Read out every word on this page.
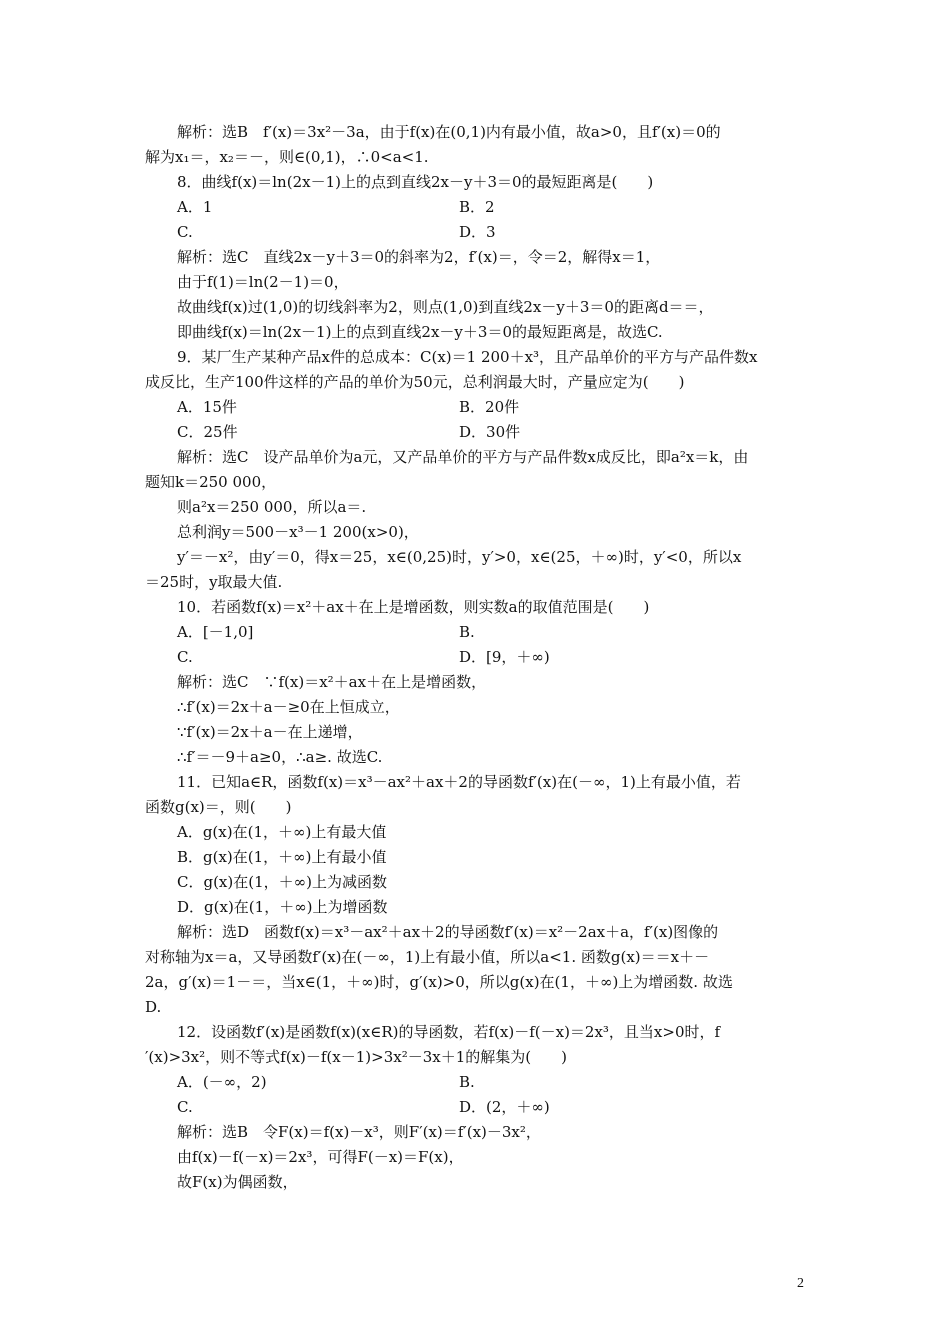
解析：选B　f′(x)＝3x²－3a，由于f(x)在(0,1)内有最小值，故a>0，且f′(x)＝0的
解为x₁＝，x₂＝－，则∈(0,1)，∴0<a<1.
8．曲线f(x)＝ln(2x－1)上的点到直线2x－y＋3＝0的最短距离是(　　)
A．1	B．2
C.	D．3
解析：选C　直线2x－y＋3＝0的斜率为2，f′(x)＝，令＝2，解得x＝1，
由于f(1)＝ln(2－1)＝0，
故曲线f(x)过(1,0)的切线斜率为2，则点(1,0)到直线2x－y＋3＝0的距离d＝＝，
即曲线f(x)＝ln(2x－1)上的点到直线2x－y＋3＝0的最短距离是，故选C.
9．某厂生产某种产品x件的总成本：C(x)＝1 200＋x³，且产品单价的平方与产品件数x
成反比，生产100件这样的产品的单价为50元，总利润最大时，产量应定为(　　)
A．15件	B．20件
C．25件	D．30件
解析：选C　设产品单价为a元，又产品单价的平方与产品件数x成反比，即a²x＝k，由
题知k＝250 000，
则a²x＝250 000，所以a＝.
总利润y＝500－x³－1 200(x>0)，
y′＝－x²，由y′＝0，得x＝25，x∈(0,25)时，y′>0，x∈(25，＋∞)时，y′<0，所以x
＝25时，y取最大值.
10．若函数f(x)＝x²＋ax＋在上是增函数，则实数a的取值范围是(　　)
A．[－1,0]	B.
C.	D．[9，＋∞)
解析：选C　∵f(x)＝x²＋ax＋在上是增函数，
∴f′(x)＝2x＋a－≥0在上恒成立，
∵f′(x)＝2x＋a－在上递增，
∴f′＝－9＋a≥0，∴a≥. 故选C.
11．已知a∈R，函数f(x)＝x³－ax²＋ax＋2的导函数f′(x)在(－∞，1)上有最小值，若
函数g(x)＝，则(　　)
A．g(x)在(1，＋∞)上有最大值
B．g(x)在(1，＋∞)上有最小值
C．g(x)在(1，＋∞)上为减函数
D．g(x)在(1，＋∞)上为增函数
解析：选D　函数f(x)＝x³－ax²＋ax＋2的导函数f′(x)＝x²－2ax＋a，f′(x)图像的
对称轴为x＝a，又导函数f′(x)在(－∞，1)上有最小值，所以a<1. 函数g(x)＝＝x＋－
2a，g′(x)＝1－＝，当x∈(1，＋∞)时，g′(x)>0，所以g(x)在(1，＋∞)上为增函数. 故选
D.
12．设函数f′(x)是函数f(x)(x∈R)的导函数，若f(x)－f(－x)＝2x³，且当x>0时，f
′(x)>3x²，则不等式f(x)－f(x－1)>3x²－3x＋1的解集为(　　)
A．(－∞，2)	B.
C.	D．(2，＋∞)
解析：选B　令F(x)＝f(x)－x³，则F′(x)＝f′(x)－3x²，
由f(x)－f(－x)＝2x³，可得F(－x)＝F(x)，
故F(x)为偶函数，
2
